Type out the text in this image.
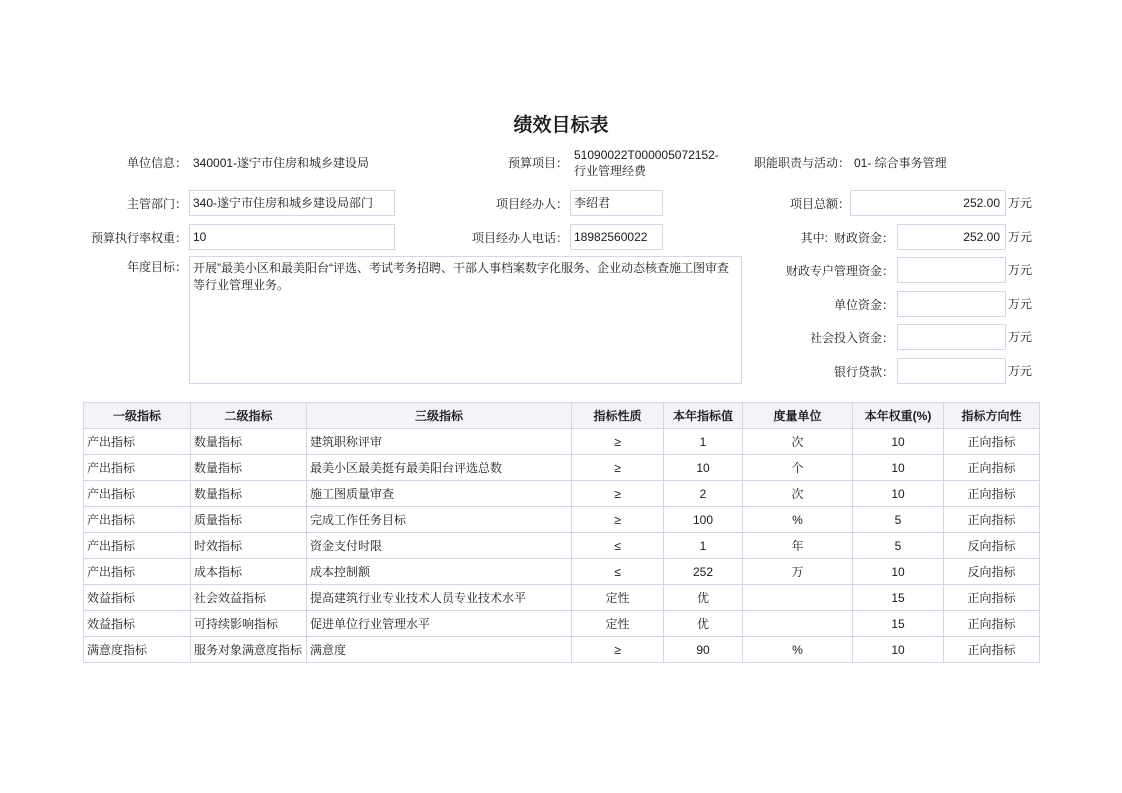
绩效目标表
单位信息： 340001-遂宁市住房和城乡建设局	预算项目：
51090022T000005072152-
行业管理经费
职能职责与活动： 01- 综合事务管理
主管部门： 340-遂宁市住房和城乡建设局部门	项目经办人： 李绍君	项目总额：	252.00 万元
预算执行率权重： 10	项目经办人电话： 18982560022	其中: 财政资金：	252.00 万元
年度目标： 开展”最美小区和最美阳台“评选、考试考务招聘、干部人事档案数字化服务、企业动态核查施工图审查等行业管理业务。
财政专户管理资金：	万元
单位资金：	万元
社会投入资金：	万元
银行贷款：	万元
一级指标	二级指标	三级指标	指标性质	本年指标值	度量单位	本年权重(%)	指标方向性
产出指标	数量指标	建筑职称评审	≥	1	次	10	正向指标
产出指标	数量指标	最美小区最美挺有最美阳台评选总数	≥	10	个	10	正向指标
产出指标	数量指标	施工图质量审查	≥	2	次	10	正向指标
产出指标	质量指标	完成工作任务目标	≥	100	%	5	正向指标
产出指标	时效指标	资金支付时限	≤	1	年	5	反向指标
产出指标	成本指标	成本控制额	≤	252	万	10	反向指标
效益指标	社会效益指标	提高建筑行业专业技术人员专业技术水平	定性	优		15	正向指标
效益指标	可持续影响指标	促进单位行业管理水平	定性	优		15	正向指标
满意度指标	服务对象满意度指标	满意度	≥	90	%	10	正向指标
